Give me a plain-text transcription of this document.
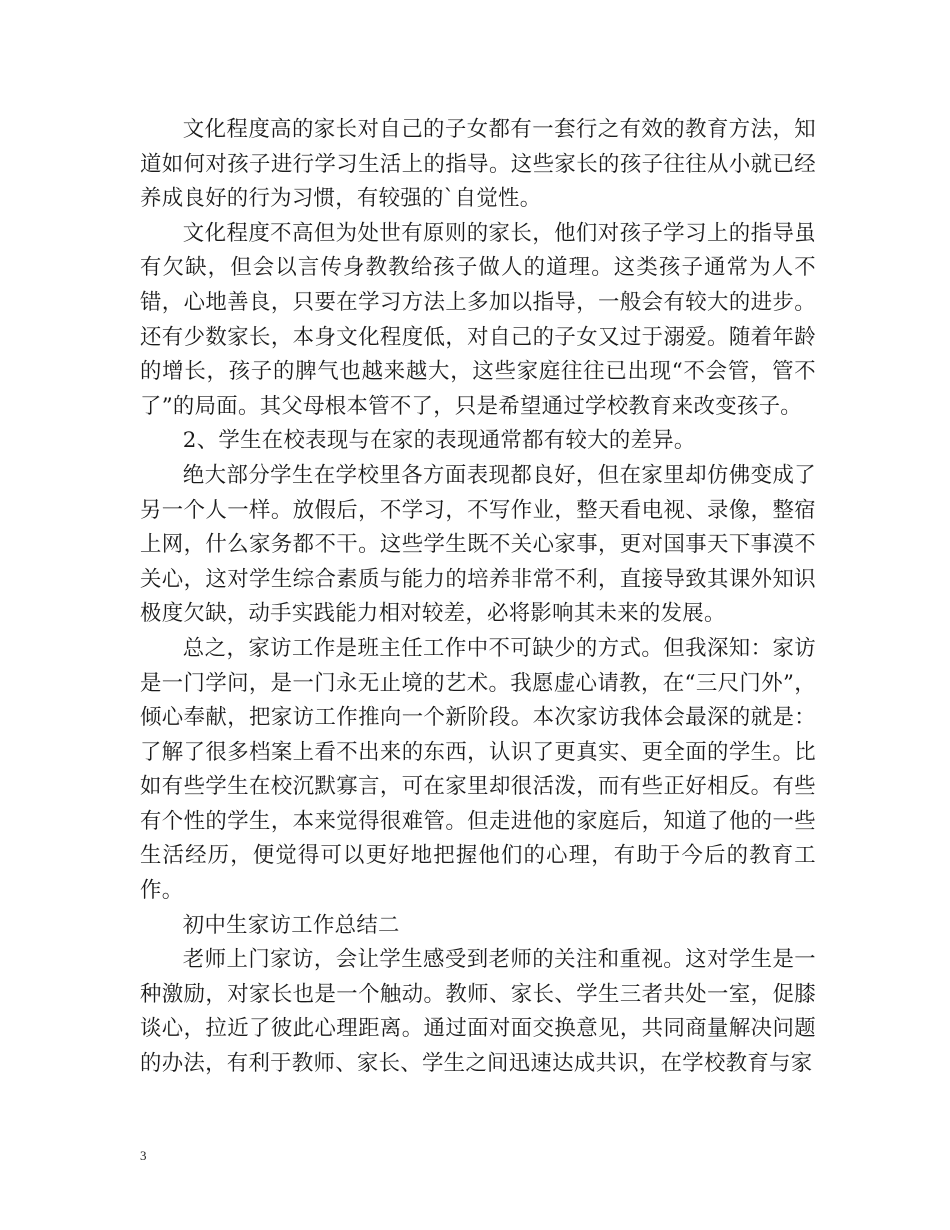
文化程度高的家长对自己的子女都有一套行之有效的教育方法，知道如何对孩子进行学习生活上的指导。这些家长的孩子往往从小就已经养成良好的行为习惯，有较强的`自觉性。

文化程度不高但为处世有原则的家长，他们对孩子学习上的指导虽有欠缺，但会以言传身教教给孩子做人的道理。这类孩子通常为人不错，心地善良，只要在学习方法上多加以指导，一般会有较大的进步。还有少数家长，本身文化程度低，对自己的子女又过于溺爱。随着年龄的增长，孩子的脾气也越来越大，这些家庭往往已出现“不会管，管不了”的局面。其父母根本管不了，只是希望通过学校教育来改变孩子。

2、学生在校表现与在家的表现通常都有较大的差异。

绝大部分学生在学校里各方面表现都良好，但在家里却仿佛变成了另一个人一样。放假后，不学习，不写作业，整天看电视、录像，整宿上网，什么家务都不干。这些学生既不关心家事，更对国事天下事漠不关心，这对学生综合素质与能力的培养非常不利，直接导致其课外知识极度欠缺，动手实践能力相对较差，必将影响其未来的发展。

总之，家访工作是班主任工作中不可缺少的方式。但我深知：家访是一门学问，是一门永无止境的艺术。我愿虚心请教，在“三尺门外”，倾心奉献，把家访工作推向一个新阶段。本次家访我体会最深的就是：了解了很多档案上看不出来的东西，认识了更真实、更全面的学生。比如有些学生在校沉默寡言，可在家里却很活泼，而有些正好相反。有些有个性的学生，本来觉得很难管。但走进他的家庭后，知道了他的一些生活经历，便觉得可以更好地把握他们的心理，有助于今后的教育工作。

初中生家访工作总结二

老师上门家访，会让学生感受到老师的关注和重视。这对学生是一种激励，对家长也是一个触动。教师、家长、学生三者共处一室，促膝谈心，拉近了彼此心理距离。通过面对面交换意见，共同商量解决问题的办法，有利于教师、家长、学生之间迅速达成共识，在学校教育与家

3
